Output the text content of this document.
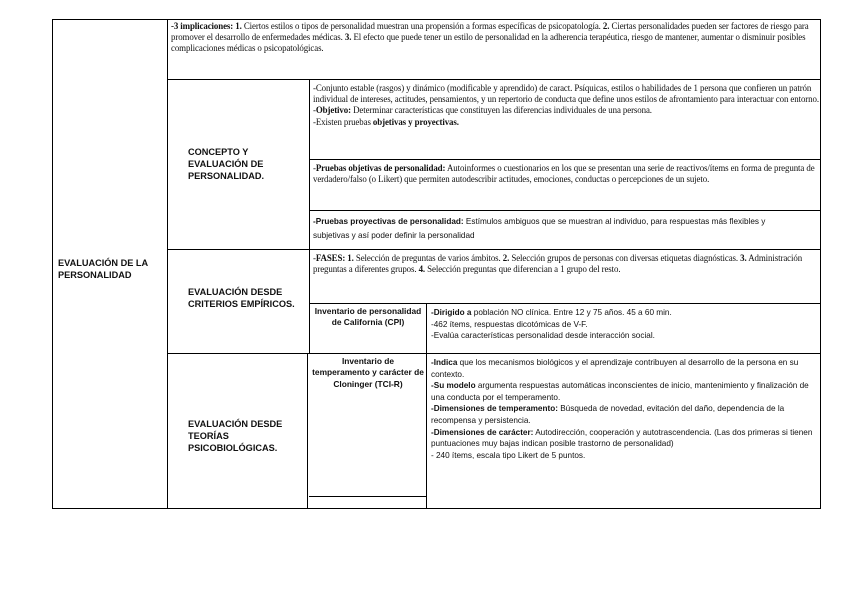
EVALUACIÓN DE LA PERSONALIDAD
-3 implicaciones: 1. Ciertos estilos o tipos de personalidad muestran una propensión a formas específicas de psicopatología. 2. Ciertas personalidades pueden ser factores de riesgo para promover el desarrollo de enfermedades médicas. 3. El efecto que puede tener un estilo de personalidad en la adherencia terapéutica, riesgo de mantener, aumentar o disminuir posibles complicaciones médicas o psicopatológicas.
CONCEPTO Y EVALUACIÓN DE PERSONALIDAD.
-Conjunto estable (rasgos) y dinámico (modificable y aprendido) de caract. Psíquicas, estilos o habilidades de 1 persona que confieren un patrón individual de intereses, actitudes, pensamientos, y un repertorio de conducta que define unos estilos de afrontamiento para interactuar con entorno.
-Objetivo: Determinar características que constituyen las diferencias individuales de una persona.
-Existen pruebas objetivas y proyectivas.
-Pruebas objetivas de personalidad: Autoinformes o cuestionarios en los que se presentan una serie de reactivos/ítems en forma de pregunta de verdadero/falso (o Likert) que permiten autodescribir actitudes, emociones, conductas o percepciones de un sujeto.
-Pruebas proyectivas de personalidad: Estímulos ambiguos que se muestran al individuo, para respuestas más flexibles y subjetivas y así poder definir la personalidad
EVALUACIÓN DESDE CRITERIOS EMPÍRICOS.
-FASES: 1. Selección de preguntas de varios ámbitos. 2. Selección grupos de personas con diversas etiquetas diagnósticas. 3. Administración preguntas a diferentes grupos. 4. Selección preguntas que diferencian a 1 grupo del resto.
Inventario de personalidad de California (CPI)
-Dirigido a población NO clínica. Entre 12 y 75 años. 45 a 60 min.
-462 ítems, respuestas dicotómicas de V-F.
-Evalúa características personalidad desde interacción social.
EVALUACIÓN DESDE TEORÍAS PSICOBIOLÓGICAS.
Inventario de temperamento y carácter de Cloninger (TCI-R)
-Indica que los mecanismos biológicos y el aprendizaje contribuyen al desarrollo de la persona en su contexto.
-Su modelo argumenta respuestas automáticas inconscientes de inicio, mantenimiento y finalización de una conducta por el temperamento.
-Dimensiones de temperamento: Búsqueda de novedad, evitación del daño, dependencia de la recompensa y persistencia.
-Dimensiones de carácter: Autodirección, cooperación y autotrascendencia. (Las dos primeras si tienen puntuaciones muy bajas indican posible trastorno de personalidad)
- 240 ítems, escala tipo Likert de 5 puntos.
